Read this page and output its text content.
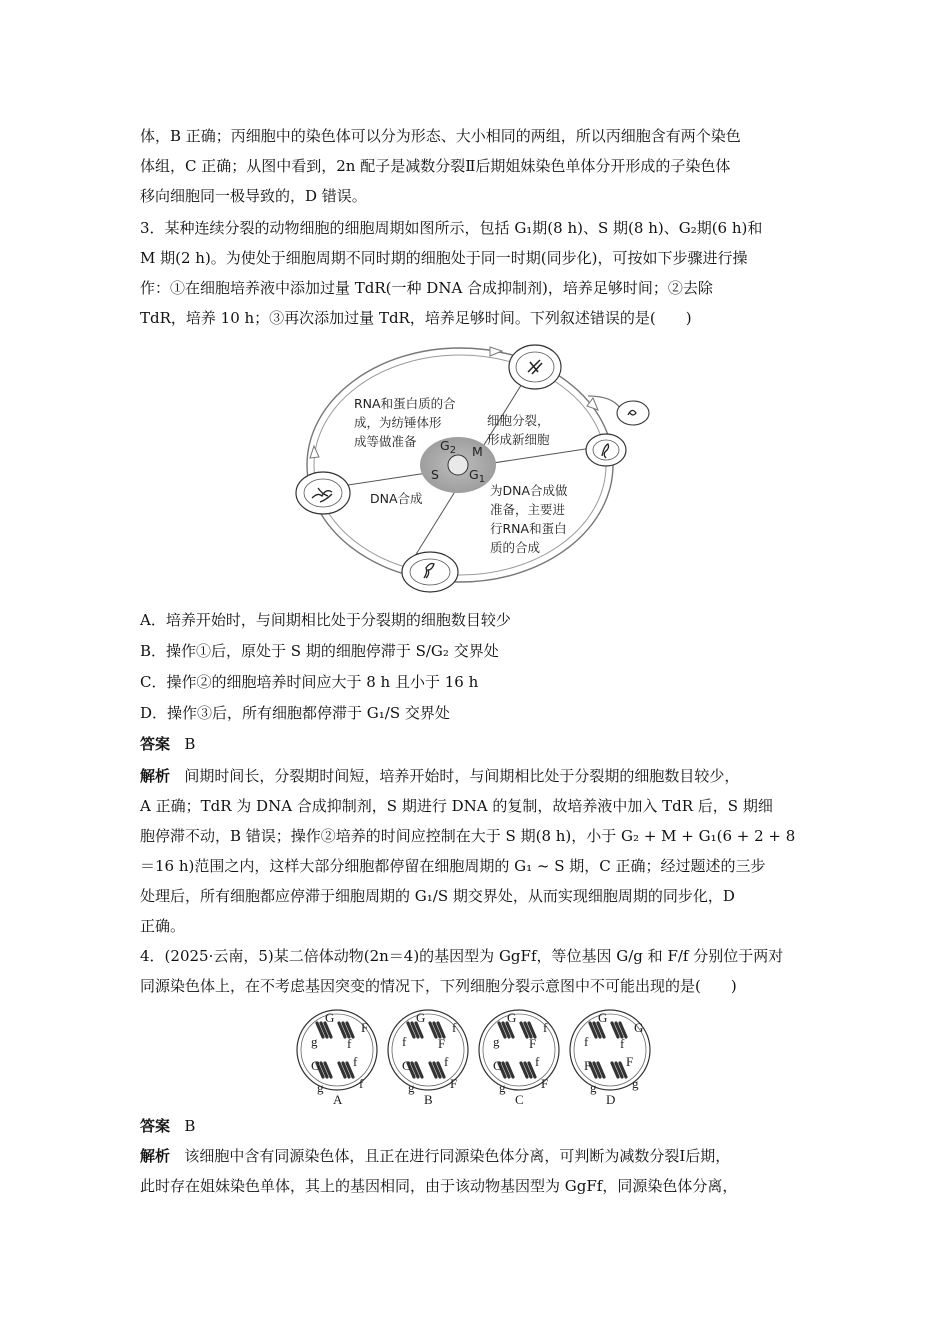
体，B 正确；丙细胞中的染色体可以分为形态、大小相同的两组，所以丙细胞含有两个染色
体组，C 正确；从图中看到，2n 配子是减数分裂Ⅱ后期姐妹染色单体分开形成的子染色体
移向细胞同一极导致的，D 错误。
3．某种连续分裂的动物细胞的细胞周期如图所示，包括 G₁期(8 h)、S 期(8 h)、G₂期(6 h)和
M 期(2 h)。为使处于细胞周期不同时期的细胞处于同一时期(同步化)，可按如下步骤进行操
作：①在细胞培养液中添加过量 TdR(一种 DNA 合成抑制剂)，培养足够时间；②去除
TdR，培养 10 h；③再次添加过量 TdR，培养足够时间。下列叙述错误的是(　　)
$G_2$ M
S $G_1$
RNA和蛋白质的合 成，为纺锤体形 成等做准备
细胞分裂， 形成新细胞
DNA合成
为DNA合成做 准备，主要进 行RNA和蛋白 质的合成
A．培养开始时，与间期相比处于分裂期的细胞数目较少
B．操作①后，原处于 S 期的细胞停滞于 S/G₂ 交界处
C．操作②的细胞培养时间应大于 8 h 且小于 16 h
D．操作③后，所有细胞都停滞于 G₁/S 交界处
答案 B
解析 间期时间长，分裂期时间短，培养开始时，与间期相比处于分裂期的细胞数目较少，
A 正确；TdR 为 DNA 合成抑制剂，S 期进行 DNA 的复制，故培养液中加入 TdR 后，S 期细
胞停滞不动，B 错误；操作②培养的时间应控制在大于 S 期(8 h)，小于 G₂ + M + G₁(6 + 2 + 8
＝16 h)范围之内，这样大部分细胞都停留在细胞周期的 G₁ ~ S 期，C 正确；经过题述的三步
处理后，所有细胞都应停滞于细胞周期的 G₁/S 期交界处，从而实现细胞周期的同步化，D
正确。
4．(2025·云南，5)某二倍体动物(2n＝4)的基因型为 GgFf，等位基因 G/g 和 F/f 分别位于两对
同源染色体上，在不考虑基因突变的情况下，下列细胞分裂示意图中不可能出现的是(　　)
G
g
F
f
G
g
f
f
A
G
f
f
F
G
g
f
F
B
G
g
f
F
G
g
f
F
C
G
f
G
f
F
g
F
g
D
答案 B
解析 该细胞中含有同源染色体，且正在进行同源染色体分离，可判断为减数分裂Ⅰ后期，
此时存在姐妹染色单体，其上的基因相同，由于该动物基因型为 GgFf，同源染色体分离，
